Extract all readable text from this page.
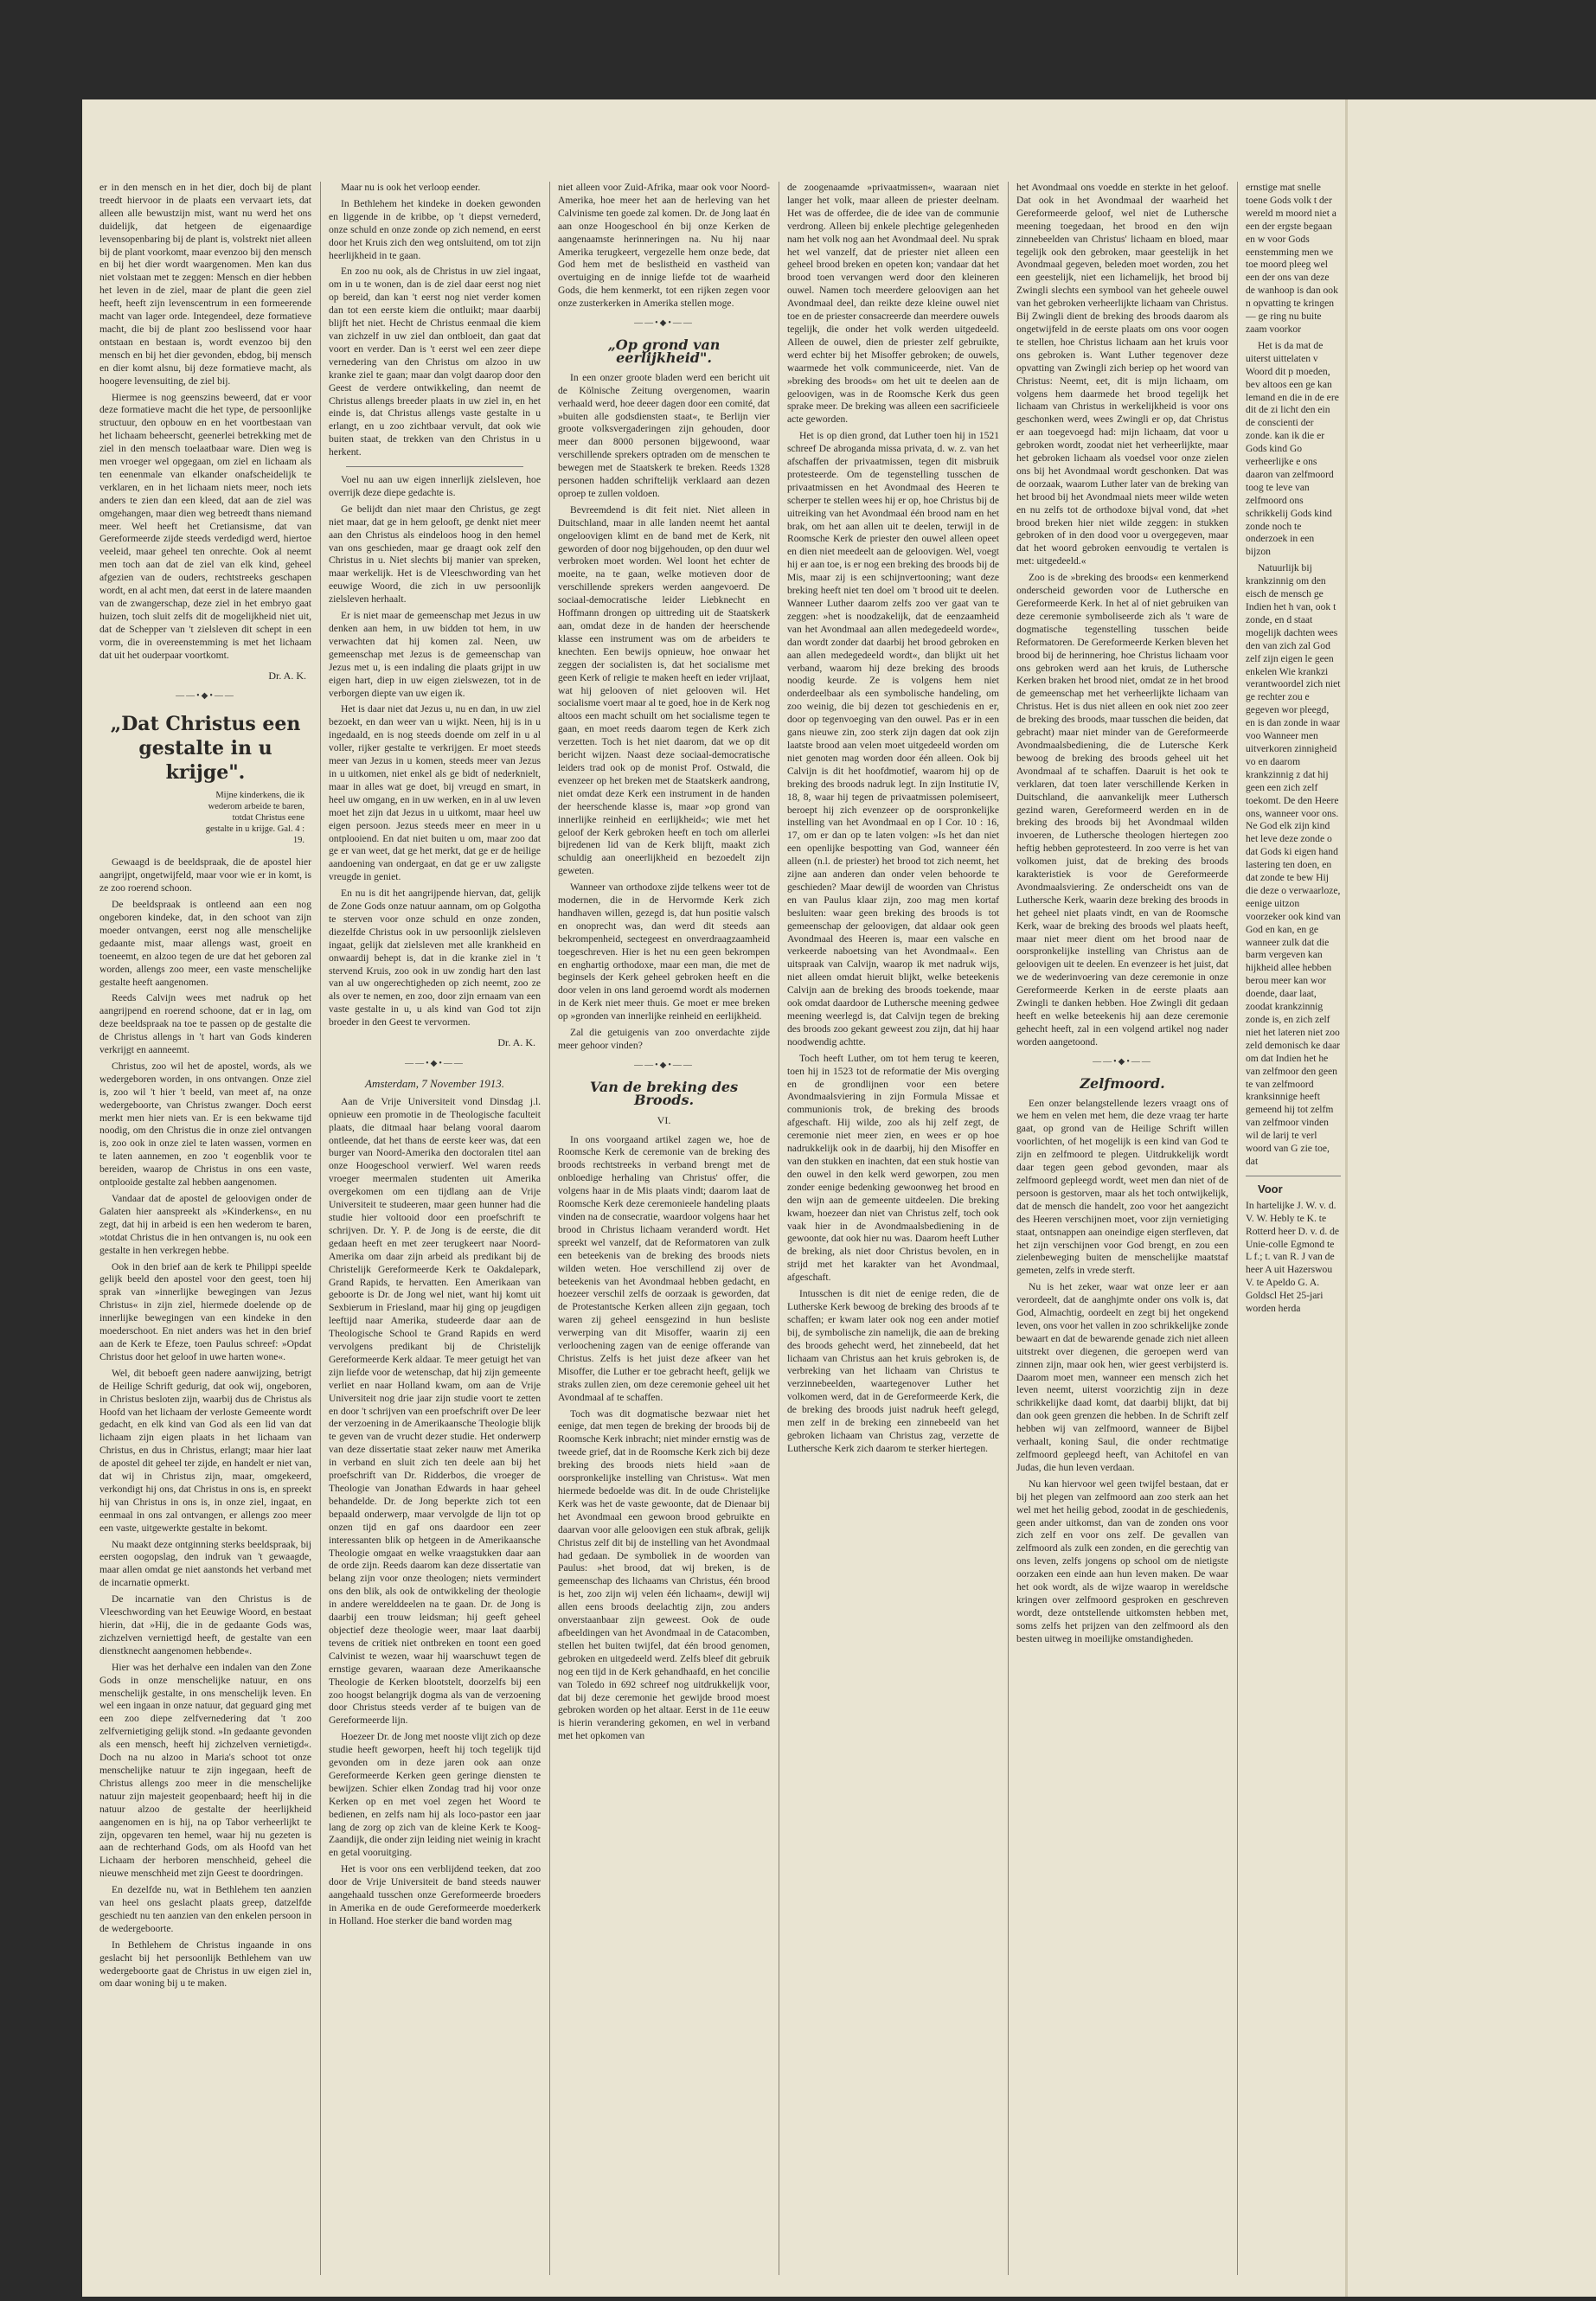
er in den mensch en in het dier, doch bij de plant treedt hiervoor in de plaats een vervaart iets, dat alleen alle bewustzijn mist, want nu werd het ons duidelijk, dat hetgeen de eigenaardige levensopenbaring bij de plant is, volstrekt niet alleen bij de plant voorkomt, maar evenzoo bij den mensch en bij het dier wordt waargenomen. Men kan dus niet volstaan met te zeggen: Mensch en dier hebben het leven in de ziel, maar de plant die geen ziel heeft, heeft zijn levenscentrum in een formeerende macht van lager orde. Integendeel, deze formatieve macht, die bij de plant zoo beslissend voor haar ontstaan en bestaan is, wordt evenzoo bij den mensch en bij het dier gevonden, ebdog, bij mensch en dier komt alsnu, bij deze formatieve macht, als hoogere levensuiting, de ziel bij.

Hiermee is nog geenszins beweerd, dat er voor deze formatieve macht die het type, de persoonlijke structuur, den opbouw en en het voortbestaan van het lichaam beheerscht, geenerlei betrekking met de ziel in den mensch toelaatbaar ware. Dien weg is men vroeger wel opgegaan, om ziel en lichaam als ten eenenmale van elkander onafscheidelijk te verklaren, en in het lichaam niets meer, noch iets anders te zien dan een kleed, dat aan de ziel was omgehangen, maar dien weg betreedt thans niemand meer. Wel heeft het Cretiansisme, dat van Gereformeerde zijde steeds verdedigd werd, hiertoe veeleid, maar geheel ten onrechte. Ook al neemt men toch aan dat de ziel van elk kind, geheel afgezien van de ouders, rechtstreeks geschapen wordt, en al acht men, dat eerst in de latere maanden van de zwangerschap, deze ziel in het embryo gaat huizen, toch sluit zelfs dit de mogelijkheid niet uit, dat de Schepper van 't zielsleven dit schept in een vorm, die in overeenstemming is met het lichaam dat uit het ouderpaar voortkomt.

Dr. A. K.

——•◆•——

„Dat Christus een gestalte in u krijge".

Mijne kinderkens, die ik wederom arbeide te baren, totdat Christus eene gestalte in u krijge. Gal. 4 : 19.

Gewaagd is de beeldspraak, die de apostel hier aangrijpt, ongetwijfeld, maar voor wie er in komt, is ze zoo roerend schoon.

De beeldspraak is ontleend aan een nog ongeboren kindeke, dat, in den schoot van zijn moeder ontvangen, eerst nog alle menschelijke gedaante mist, maar allengs wast, groeit en toeneemt, en alzoo tegen de ure dat het geboren zal worden, allengs zoo meer, een vaste menschelijke gestalte heeft aangenomen.

Reeds Calvijn wees met nadruk op het aangrijpend en roerend schoone, dat er in lag, om deze beeldspraak na toe te passen op de gestalte die de Christus allengs in 't hart van Gods kinderen verkrijgt en aanneemt.

Christus, zoo wil het de apostel, words, als we wedergeboren worden, in ons ontvangen. Onze ziel is, zoo wil 't hier 't beeld, van meet af, na onze wedergeboorte, van Christus zwanger. Doch eerst merkt men hier niets van. Er is een bekwame tijd noodig, om den Christus die in onze ziel ontvangen is, zoo ook in onze ziel te laten wassen, vormen en te laten aannemen, en zoo 't eogenblik voor te bereiden, waarop de Christus in ons een vaste, ontplooide gestalte zal hebben aangenomen.

Vandaar dat de apostel de geloovigen onder de Galaten hier aanspreekt als »Kinderkens«, en nu zegt, dat hij in arbeid is een hen wederom te baren, »totdat Christus die in hen ontvangen is, nu ook een gestalte in hen verkregen hebbe.

Ook in den brief aan de kerk te Philippi speelde gelijk beeld den apostel voor den geest, toen hij sprak van »innerlijke bewegingen van Jezus Christus« in zijn ziel, hiermede doelende op de innerlijke bewegingen van een kindeke in den moederschoot. En niet anders was het in den brief aan de Kerk te Efeze, toen Paulus schreef: »Opdat Christus door het geloof in uwe harten wone«.

Wel, dit beboeft geen nadere aanwijzing, betrigt de Heilige Schrift gedurig, dat ook wij, ongeboren, in Christus besloten zijn, waarbij dus de Christus als Hoofd van het lichaam der verloste Gemeente wordt gedacht, en elk kind van God als een lid van dat lichaam zijn eigen plaats in het lichaam van Christus, en dus in Christus, erlangt; maar hier laat de apostel dit geheel ter zijde, en handelt er niet van, dat wij in Christus zijn, maar, omgekeerd, verkondigt hij ons, dat Christus in ons is, en spreekt hij van Christus in ons is, in onze ziel, ingaat, en eenmaal in ons zal ontvangen, er allengs zoo meer een vaste, uitgewerkte gestalte in bekomt.

Nu maakt deze ontginning sterks beeldspraak, bij eersten oogopslag, den indruk van 't gewaagde, maar allen omdat ge niet aanstonds het verband met de incarnatie opmerkt.

De incarnatie van den Christus is de Vleeschwording van het Eeuwige Woord, en bestaat hierin, dat »Hij, die in de gedaante Gods was, zichzelven verniettigd heeft, de gestalte van een dienstknecht aangenomen hebbende«.

Hier was het derhalve een indalen van den Zone Gods in onze menschelijke natuur, en ons menschelijk gestalte, in ons menschelijk leven. En wel een ingaan in onze natuur, dat geguard ging met een zoo diepe zelfvernedering dat 't zoo zelfvernietiging gelijk stond. »In gedaante gevonden als een mensch, heeft hij zichzelven vernietigd«. Doch na nu alzoo in Maria's schoot tot onze menschelijke natuur te zijn ingegaan, heeft de Christus allengs zoo meer in die menschelijke natuur zijn majesteit geopenbaard; heeft hij in die natuur alzoo de gestalte der heerlijkheid aangenomen en is hij, na op Tabor verheerlijkt te zijn, opgevaren ten hemel, waar hij nu gezeten is aan de rechterhand Gods, om als Hoofd van het Lichaam der herboren menschheid, geheel die nieuwe menschheid met zijn Geest te doordringen.

En dezelfde nu, wat in Bethlehem ten aanzien van heel ons geslacht plaats greep, datzelfde geschiedt nu ten aanzien van den enkelen persoon in de wedergeboorte.

In Bethlehem de Christus ingaande in ons geslacht bij het persoonlijk Bethlehem van uw wedergeboorte gaat de Christus in uw eigen ziel in, om daar woning bij u te maken.

Maar nu is ook het verloop eender.

In Bethlehem het kindeke in doeken gewonden en liggende in de kribbe, op 't diepst vernederd, onze schuld en onze zonde op zich nemend, en eerst door het Kruis zich den weg ontsluitend, om tot zijn heerlijkheid in te gaan.

En zoo nu ook, als de Christus in uw ziel ingaat, om in u te wonen, dan is de ziel daar eerst nog niet op bereid, dan kan 't eerst nog niet verder komen dan tot een eerste kiem die ontluikt; maar daarbij blijft het niet. Hecht de Christus eenmaal die kiem van zichzelf in uw ziel dan ontbloeit, dan gaat dat voort en verder. Dan is 't eerst wel een zeer diepe vernedering van den Christus om alzoo in uw kranke ziel te gaan; maar dan volgt daarop door den Geest de verdere ontwikkeling, dan neemt de Christus allengs breeder plaats in uw ziel in, en het einde is, dat Christus allengs vaste gestalte in u erlangt, en u zoo zichtbaar vervult, dat ook wie buiten staat, de trekken van den Christus in u herkent.

Voel nu aan uw eigen innerlijk zielsleven, hoe overrijk deze diepe gedachte is.

Ge belijdt dan niet maar den Christus, ge zegt niet maar, dat ge in hem gelooft, ge denkt niet meer aan den Christus als eindeloos hoog in den hemel van ons geschieden, maar ge draagt ook zelf den Christus in u. Niet slechts bij manier van spreken, maar werkelijk. Het is de Vleeschwording van het eeuwige Woord, die zich in uw persoonlijk zielsleven herhaalt.

Er is niet maar de gemeenschap met Jezus in uw denken aan hem, in uw bidden tot hem, in uw verwachten dat hij komen zal. Neen, uw gemeenschap met Jezus is de gemeenschap van Jezus met u, is een indaling die plaats grijpt in uw eigen hart, diep in uw eigen zielswezen, tot in de verborgen diepte van uw eigen ik.

Het is daar niet dat Jezus u, nu en dan, in uw ziel bezoekt, en dan weer van u wijkt. Neen, hij is in u ingedaald, en is nog steeds doende om zelf in u al voller, rijker gestalte te verkrijgen. Er moet steeds meer van Jezus in u komen, steeds meer van Jezus in u uitkomen, niet enkel als ge bidt of nederknielt, maar in alles wat ge doet, bij vreugd en smart, in heel uw omgang, en in uw werken, en in al uw leven moet het zijn dat Jezus in u uitkomt, maar heel uw eigen persoon. Jezus steeds meer en meer in u ontplooiend. En dat niet buiten u om, maar zoo dat ge er van weet, dat ge het merkt, dat ge er de heilige aandoening van ondergaat, en dat ge er uw zaligste vreugde in geniet.

En nu is dit het aangrijpende hiervan, dat, gelijk de Zone Gods onze natuur aannam, om op Golgotha te sterven voor onze schuld en onze zonden, diezelfde Christus ook in uw persoonlijk zielsleven ingaat, gelijk dat zielsleven met alle krankheid en onwaardij behept is, dat in die kranke ziel in 't stervend Kruis, zoo ook in uw zondig hart den last van al uw ongerechtigheden op zich neemt, zoo ze als over te nemen, en zoo, door zijn ernaam van een vaste gestalte in u, u als kind van God tot zijn broeder in den Geest te vervormen.

Dr. A. K.

——•◆•——

Amsterdam, 7 November 1913.

Aan de Vrije Universiteit vond Dinsdag j.l. opnieuw een promotie in de Theologische faculteit plaats, die ditmaal haar belang vooral daarom ontleende, dat het thans de eerste keer was, dat een burger van Noord-Amerika den doctoralen titel aan onze Hoogeschool verwierf. Wel waren reeds vroeger meermalen studenten uit Amerika overgekomen om een tijdlang aan de Vrije Universiteit te studeeren, maar geen hunner had die studie hier voltooid door een proefschrift te schrijven. Dr. Y. P. de Jong is de eerste, die dit gedaan heeft en met zeer terugkeert naar Noord-Amerika om daar zijn arbeid als predikant bij de Christelijk Gereformeerde Kerk te Oakdalepark, Grand Rapids, te hervatten. Een Amerikaan van geboorte is Dr. de Jong wel niet, want hij komt uit Sexbierum in Friesland, maar hij ging op jeugdigen leeftijd naar Amerika, studeerde daar aan de Theologische School te Grand Rapids en werd vervolgens predikant bij de Christelijk Gereformeerde Kerk aldaar. Te meer getuigt het van zijn liefde voor de wetenschap, dat hij zijn gemeente verliet en naar Holland kwam, om aan de Vrije Universiteit nog drie jaar zijn studie voort te zetten en door 't schrijven van een proefschrift over De leer der verzoening in de Amerikaansche Theologie blijk te geven van de vrucht dezer studie. Het onderwerp van deze dissertatie staat zeker nauw met Amerika in verband en sluit zich ten deele aan bij het proefschrift van Dr. Ridderbos, die vroeger de Theologie van Jonathan Edwards in haar geheel behandelde. Dr. de Jong beperkte zich tot een bepaald onderwerp, maar vervolgde de lijn tot op onzen tijd en gaf ons daardoor een zeer interessanten blik op hetgeen in de Amerikaansche Theologie omgaat en welke vraagstukken daar aan de orde zijn. Reeds daarom kan deze dissertatie van belang zijn voor onze theologen; niets vermindert ons den blik, als ook de ontwikkeling der theologie in andere werelddeelen na te gaan. Dr. de Jong is daarbij een trouw leidsman; hij geeft geheel objectief deze theologie weer, maar laat daarbij tevens de critiek niet ontbreken en toont een goed Calvinist te wezen, waar hij waarschuwt tegen de ernstige gevaren, waaraan deze Amerikaansche Theologie de Kerken blootstelt, doorzelfs bij een zoo hoogst belangrijk dogma als van de verzoening door Christus steeds verder af te buigen van de Gereformeerde lijn.

Hoezeer Dr. de Jong met nooste vlijt zich op deze studie heeft geworpen, heeft hij toch tegelijk tijd gevonden om in deze jaren ook aan onze Gereformeerde Kerken geen geringe diensten te bewijzen. Schier elken Zondag trad hij voor onze Kerken op en met voel zegen het Woord te bedienen, en zelfs nam hij als loco-pastor een jaar lang de zorg op zich van de kleine Kerk te Koog-Zaandijk, die onder zijn leiding niet weinig in kracht en getal vooruitging.

Het is voor ons een verblijdend teeken, dat zoo door de Vrije Universiteit de band steeds nauwer aangehaald tusschen onze Gereformeerde broeders in Amerika en de oude Gereformeerde moederkerk in Holland. Hoe sterker die band worden mag

niet alleen voor Zuid-Afrika, maar ook voor Noord-Amerika, hoe meer het aan de herleving van het Calvinisme ten goede zal komen. Dr. de Jong laat én aan onze Hoogeschool én bij onze Kerken de aangenaamste herinneringen na. Nu hij naar Amerika terugkeert, vergezelle hem onze bede, dat God hem met de beslistheid en vastheid van overtuiging en de innige liefde tot de waarheid Gods, die hem kenmerkt, tot een rijken zegen voor onze zusterkerken in Amerika stellen moge.

——•◆•——

„Op grond van eerlijkheid".

In een onzer groote bladen werd een bericht uit de Kölnische Zeitung overgenomen, waarin verhaald werd, hoe deeer dagen door een comité, dat »buiten alle godsdiensten staat«, te Berlijn vier groote volksvergaderingen zijn gehouden, door meer dan 8000 personen bijgewoond, waar verschillende sprekers optraden om de menschen te bewegen met de Staatskerk te breken. Reeds 1328 personen hadden schriftelijk verklaard aan dezen oproep te zullen voldoen.

Bevreemdend is dit feit niet. Niet alleen in Duitschland, maar in alle landen neemt het aantal ongeloovigen klimt en de band met de Kerk, nit geworden of door nog bijgehouden, op den duur wel verbroken moet worden. Wel loont het echter de moeite, na te gaan, welke motieven door de verschillende sprekers werden aangevoerd. De sociaal-democratische leider Liebknecht en Hoffmann drongen op uittreding uit de Staatskerk aan, omdat deze in de handen der heerschende klasse een instrument was om de arbeiders te knechten. Een bewijs opnieuw, hoe onwaar het zeggen der socialisten is, dat het socialisme met geen Kerk of religie te maken heeft en ieder vrijlaat, wat hij gelooven of niet gelooven wil. Het socialisme voert maar al te goed, hoe in de Kerk nog altoos een macht schuilt om het socialisme tegen te gaan, en moet reeds daarom tegen de Kerk zich verzetten. Toch is het niet daarom, dat we op dit bericht wijzen. Naast deze sociaal-democratische leiders trad ook op de monist Prof. Ostwald, die evenzeer op het breken met de Staatskerk aandrong, niet omdat deze Kerk een instrument in de handen der heerschende klasse is, maar »op grond van innerlijke reinheid en eerlijkheid«; wie met het geloof der Kerk gebroken heeft en toch om allerlei bijredenen lid van de Kerk blijft, maakt zich schuldig aan oneerlijkheid en bezoedelt zijn geweten.

Wanneer van orthodoxe zijde telkens weer tot de modernen, die in de Hervormde Kerk zich handhaven willen, gezegd is, dat hun positie valsch en onoprecht was, dan werd dit steeds aan bekrompenheid, sectegeest en onverdraagzaamheid toegeschreven. Hier is het nu een geen bekrompen en enghartig orthodoxe, maar een man, die met de beginsels der Kerk geheel gebroken heeft en die door velen in ons land geroemd wordt als modernen in de Kerk niet meer thuis. Ge moet er mee breken op »gronden van innerlijke reinheid en eerlijkheid.

Zal die getuigenis van zoo onverdachte zijde meer gehoor vinden?

——•◆•——

Van de breking des Broods.

VI.

In ons voorgaand artikel zagen we, hoe de Roomsche Kerk de ceremonie van de breking des broods rechtstreeks in verband brengt met de onbloedige herhaling van Christus' offer, die volgens haar in de Mis plaats vindt; daarom laat de Roomsche Kerk deze ceremonieele handeling plaats vinden na de consecratie, waardoor volgens haar het brood in Christus lichaam veranderd wordt. Het spreekt wel vanzelf, dat de Reformatoren van zulk een beteekenis van de breking des broods niets wilden weten. Hoe verschillend zij over de beteekenis van het Avondmaal hebben gedacht, en hoezeer verschil zelfs de oorzaak is geworden, dat de Protestantsche Kerken alleen zijn gegaan, toch waren zij geheel eensgezind in hun besliste verwerping van dit Misoffer, waarin zij een verloochening zagen van de eenige offerande van Christus. Zelfs is het juist deze afkeer van het Misoffer, die Luther er toe gebracht heeft, gelijk we straks zullen zien, om deze ceremonie geheel uit het Avondmaal af te schaffen.

Toch was dit dogmatische bezwaar niet het eenige, dat men tegen de breking der broods bij de Roomsche Kerk inbracht; niet minder ernstig was de tweede grief, dat in de Roomsche Kerk zich bij deze breking des broods niets hield »aan de oorspronkelijke instelling van Christus«. Wat men hiermede bedoelde was dit. In de oude Christelijke Kerk was het de vaste gewoonte, dat de Dienaar bij het Avondmaal een gewoon brood gebruikte en daarvan voor alle geloovigen een stuk afbrak, gelijk Christus zelf dit bij de instelling van het Avondmaal had gedaan. De symboliek in de woorden van Paulus: »het brood, dat wij breken, is de gemeenschap des lichaams van Christus, één brood is het, zoo zijn wij velen één lichaam«, dewijl wij allen eens broods deelachtig zijn, zou anders onverstaanbaar zijn geweest. Ook de oude afbeeldingen van het Avondmaal in de Catacomben, stellen het buiten twijfel, dat één brood genomen, gebroken en uitgedeeld werd. Zelfs bleef dit gebruik nog een tijd in de Kerk gehandhaafd, en het concilie van Toledo in 692 schreef nog uitdrukkelijk voor, dat bij deze ceremonie het gewijde brood moest gebroken worden op het altaar. Eerst in de 11e eeuw is hierin verandering gekomen, en wel in verband met het opkomen van

de zoogenaamde »privaatmissen«, waaraan niet langer het volk, maar alleen de priester deelnam. Het was de offerdee, die de idee van de communie verdrong. Alleen bij enkele plechtige gelegenheden nam het volk nog aan het Avondmaal deel. Nu sprak het wel vanzelf, dat de priester niet alleen een geheel brood breken en opeten kon; vandaar dat het brood toen vervangen werd door den kleineren ouwel. Namen toch meerdere geloovigen aan het Avondmaal deel, dan reikte deze kleine ouwel niet toe en de priester consacreerde dan meerdere ouwels tegelijk, die onder het volk werden uitgedeeld. Alleen de ouwel, dien de priester zelf gebruikte, werd echter bij het Misoffer gebroken; de ouwels, waarmede het volk communiceerde, niet. Van de »breking des broods« om het uit te deelen aan de geloovigen, was in de Roomsche Kerk dus geen sprake meer. De breking was alleen een sacrificieele acte geworden.

Het is op dien grond, dat Luther toen hij in 1521 schreef De abroganda missa privata, d. w. z. van het afschaffen der privaatmissen, tegen dit misbruik protesteerde. Om de tegenstelling tusschen de privaatmissen en het Avondmaal des Heeren te scherper te stellen wees hij er op, hoe Christus bij de uitreiking van het Avondmaal één brood nam en het brak, om het aan allen uit te deelen, terwijl in de Roomsche Kerk de priester den ouwel alleen opeet en dien niet meedeelt aan de geloovigen. Wel, voegt hij er aan toe, is er nog een breking des broods bij de Mis, maar zij is een schijnvertooning; want deze breking heeft niet ten doel om 't brood uit te deelen. Wanneer Luther daarom zelfs zoo ver gaat van te zeggen: »het is noodzakelijk, dat de eenzaamheid van het Avondmaal aan allen medegedeeld worde«, dan wordt zonder dat daarbij het brood gebroken en aan allen medegedeeld wordt«, dan blijkt uit het verband, waarom hij deze breking des broods noodig keurde. Ze is volgens hem niet onderdeelbaar als een symbolische handeling, om zoo weinig, die bij dezen tot geschiedenis en er, door op tegenvoeging van den ouwel. Pas er in een gans nieuwe zin, zoo sterk zijn dagen dat ook zijn laatste brood aan velen moet uitgedeeld worden om niet genoten mag worden door één alleen. Ook bij Calvijn is dit het hoofdmotief, waarom hij op de breking des broods nadruk legt. In zijn Institutie IV, 18, 8, waar hij tegen de privaatmissen polemiseert, beroept hij zich evenzeer op de oorspronkelijke instelling van het Avondmaal en op I Cor. 10 : 16, 17, om er dan op te laten volgen: »Is het dan niet een openlijke bespotting van God, wanneer één alleen (n.l. de priester) het brood tot zich neemt, het zijne aan anderen dan onder velen behoorde te geschieden? Maar dewijl de woorden van Christus en van Paulus klaar zijn, zoo mag men kortaf besluiten: waar geen breking des broods is tot gemeenschap der geloovigen, dat aldaar ook geen Avondmaal des Heeren is, maar een valsche en verkeerde naboetsing van het Avondmaal«. Een uitspraak van Calvijn, waarop ik met nadruk wijs, niet alleen omdat hieruit blijkt, welke beteekenis Calvijn aan de breking des broods toekende, maar ook omdat daardoor de Luthersche meening gedwee meening weerlegd is, dat Calvijn tegen de breking des broods zoo gekant geweest zou zijn, dat hij haar noodwendig achtte.

Toch heeft Luther, om tot hem terug te keeren, toen hij in 1523 tot de reformatie der Mis overging en de grondlijnen voor een betere Avondmaalsviering in zijn Formula Missae et communionis trok, de breking des broods afgeschaft. Hij wilde, zoo als hij zelf zegt, de ceremonie niet meer zien, en wees er op hoe nadrukkelijk ook in de daarbij, hij den Misoffer en van den stukken en inachten, dat een stuk hostie van den ouwel in den kelk werd geworpen, zou men zonder eenige bedenking gewoonweg het brood en den wijn aan de gemeente uitdeelen. Die breking kwam, hoezeer dan niet van Christus zelf, toch ook vaak hier in de Avondmaalsbediening in de gewoonte, dat ook hier nu was. Daarom heeft Luther de breking, als niet door Christus bevolen, en in strijd met het karakter van het Avondmaal, afgeschaft.

Intusschen is dit niet de eenige reden, die de Lutherske Kerk bewoog de breking des broods af te schaffen; er kwam later ook nog een ander motief bij, de symbolische zin namelijk, die aan de breking des broods gehecht werd, het zinnebeeld, dat het lichaam van Christus aan het kruis gebroken is, de verbreking van het lichaam van Christus te verzinnebeelden, waartegenover Luther het volkomen werd, dat in de Gereformeerde Kerk, die de breking des broods juist nadruk heeft gelegd, men zelf in de breking een zinnebeeld van het gebroken lichaam van Christus zag, verzette de Luthersche Kerk zich daarom te sterker hiertegen.

het Avondmaal ons voedde en sterkte in het geloof. Dat ook in het Avondmaal der waarheid het Gereformeerde geloof, wel niet de Luthersche meening toegedaan, het brood en den wijn zinnebeelden van Christus' lichaam en bloed, maar tegelijk ook den gebroken, maar geestelijk in het Avondmaal gegeven, beleden moet worden, zou het een geestelijk, niet een lichamelijk, het brood bij Zwingli slechts een symbool van het geheele ouwel van het gebroken verheerlijkte lichaam van Christus. Bij Zwingli dient de breking des broods daarom als ongetwijfeld in de eerste plaats om ons voor oogen te stellen, hoe Christus lichaam aan het kruis voor ons gebroken is. Want Luther tegenover deze opvatting van Zwingli zich beriep op het woord van Christus: Neemt, eet, dit is mijn lichaam, om volgens hem daarmede het brood tegelijk het lichaam van Christus in werkelijkheid is voor ons geschonken werd, wees Zwingli er op, dat Christus er aan toegevoegd had: mijn lichaam, dat voor u gebroken wordt, zoodat niet het verheerlijkte, maar het gebroken lichaam als voedsel voor onze zielen ons bij het Avondmaal wordt geschonken. Dat was de oorzaak, waarom Luther later van de breking van het brood bij het Avondmaal niets meer wilde weten en nu zelfs tot de orthodoxe bijval vond, dat »het brood breken hier niet wilde zeggen: in stukken gebroken of in den dood voor u overgegeven, maar dat het woord gebroken eenvoudig te vertalen is met: uitgedeeld.«

Zoo is de »breking des broods« een kenmerkend onderscheid geworden voor de Luthersche en Gereformeerde Kerk. In het al of niet gebruiken van deze ceremonie symboliseerde zich als 't ware de dogmatische tegenstelling tusschen beide Reformatoren. De Gereformeerde Kerken bleven het brood bij de herinnering, hoe Christus lichaam voor ons gebroken werd aan het kruis, de Luthersche Kerken braken het brood niet, omdat ze in het brood de gemeenschap met het verheerlijkte lichaam van Christus. Het is dus niet alleen en ook niet zoo zeer de breking des broods, maar tusschen die beiden, dat gebracht) maar niet minder van de Gereformeerde Avondmaalsbediening, die de Lutersche Kerk bewoog de breking des broods geheel uit het Avondmaal af te schaffen. Daaruit is het ook te verklaren, dat toen later verschillende Kerken in Duitschland, die aanvankelijk meer Luthersch gezind waren, Gereformeerd werden en in de breking des broods bij het Avondmaal wilden invoeren, de Luthersche theologen hiertegen zoo heftig hebben geprotesteerd. In zoo verre is het van volkomen juist, dat de breking des broods karakteristiek is voor de Gereformeerde Avondmaalsviering. Ze onderscheidt ons van de Luthersche Kerk, waarin deze breking des broods in het geheel niet plaats vindt, en van de Roomsche Kerk, waar de breking des broods wel plaats heeft, maar niet meer dient om het brood naar de oorspronkelijke instelling van Christus aan de geloovigen uit te deelen. En evenzeer is het juist, dat we de wederinvoering van deze ceremonie in onze Gereformeerde Kerken in de eerste plaats aan Zwingli te danken hebben. Hoe Zwingli dit gedaan heeft en welke beteekenis hij aan deze ceremonie gehecht heeft, zal in een volgend artikel nog nader worden aangetoond.

——•◆•——

Zelfmoord.

Een onzer belangstellende lezers vraagt ons of we hem en velen met hem, die deze vraag ter harte gaat, op grond van de Heilige Schrift willen voorlichten, of het mogelijk is een kind van God te zijn en zelfmoord te plegen. Uitdrukkelijk wordt daar tegen geen gebod gevonden, maar als zelfmoord gepleegd wordt, weet men dan niet of de persoon is gestorven, maar als het toch ontwijkelijk, dat de mensch die handelt, zoo voor het aangezicht des Heeren verschijnen moet, voor zijn vernietiging staat, ontsnappen aan oneindige eigen sterfleven, dat het zijn verschijnen voor God brengt, en zou een zielenbeweging buiten de menschelijke maatstaf gemeten, zelfs in vrede sterft.

Nu is het zeker, waar wat onze leer er aan verordeelt, dat de aanghjmte onder ons volk is, dat God, Almachtig, oordeelt en zegt bij het ongekend leven, ons voor het vallen in zoo schrikkelijke zonde bewaart en dat de bewarende genade zich niet alleen uitstrekt over diegenen, die geroepen werd van zinnen zijn, maar ook hen, wier geest verbijsterd is. Daarom moet men, wanneer een mensch zich het leven neemt, uiterst voorzichtig zijn in deze schrikkelijke daad komt, dat daarbij blijkt, dat bij dan ook geen grenzen die hebben. In de Schrift zelf hebben wij van zelfmoord, wanneer de Bijbel verhaalt, koning Saul, die onder rechtmatige zelfmoord gepleegd heeft, van Achitofel en van Judas, die hun leven verdaan.

Nu kan hiervoor wel geen twijfel bestaan, dat er bij het plegen van zelfmoord aan zoo sterk aan het wel met het heilig gebod, zoodat in de geschiedenis, geen ander uitkomst, dan van de zonden ons voor zich zelf en voor ons zelf. De gevallen van zelfmoord als zulk een zonden, en die gerechtig van ons leven, zelfs jongens op school om de nietigste oorzaken een einde aan hun leven maken. De waar het ook wordt, als de wijze waarop in wereldsche kringen over zelfmoord gesproken en geschreven wordt, deze ontstellende uitkomsten hebben met, soms zelfs het prijzen van den zelfmoord als den besten uitweg in moeilijke omstandigheden.

ernstige mat snelle toene Gods volk t der wereld m moord niet a een der ergste begaan en w voor Gods eenstemming men we toe moord pleeg wel een der ons van deze de wanhoop is dan ook n opvatting te kringen — ge ring nu buite zaam voorkor

Het is da mat de uiterst uittelaten v Woord dit p moeden, bev altoos een ge kan lemand en die in de ere dit de zi licht den ein de conscienti der zonde. kan ik die er Gods kind Go verheerlijke e ons daaron van zelfmoord toog te leve van zelfmoord ons schrikkelij Gods kind zonde noch te onderzoek in een bijzon

Natuurlijk bij krankzinnig om den eisch de mensch ge Indien het h van, ook t zonde, en d staat mogelijk dachten wees den van zich zal God zelf zijn eigen le geen enkelen Wie krankzi verantwoordel zich niet ge rechter zou e gegeven wor pleegd, en is dan zonde in waar voo Wanneer men uitverkoren zinnigheid vo en daarom krankzinnig z dat hij geen een zich zelf toekomt. De den Heere ons, wanneer voor ons. Ne God elk zijn kind het leve deze zonde o dat Gods ki eigen hand lastering ten doen, en dat zonde te bew Hij die deze o verwaarloze, eenige uitzon voorzeker ook kind van God en kan, en ge wanneer zulk dat die barm vergeven kan hijkheid allee hebben berou meer kan wor doende, daar laat, zoodat krankzinnig zonde is, en zich zelf niet het lateren niet zoo zeld demonisch ke daar om dat Indien het he van zelfmoor den geen te van zelfmoord kranksinnige heeft gemeend hij tot zelfm van zelfmoor vinden wil de larij te verl woord van G zie toe, dat

Voor

In hartelijke J. W. v. d. V. W. Hebly te K. te Rotterd heer D. v. d. de Unie-colle Egmond te L f.; t. van R. J van de heer A uit Hazerswou V. te Apeldo G. A. Goldscl Het 25-jari worden herda
